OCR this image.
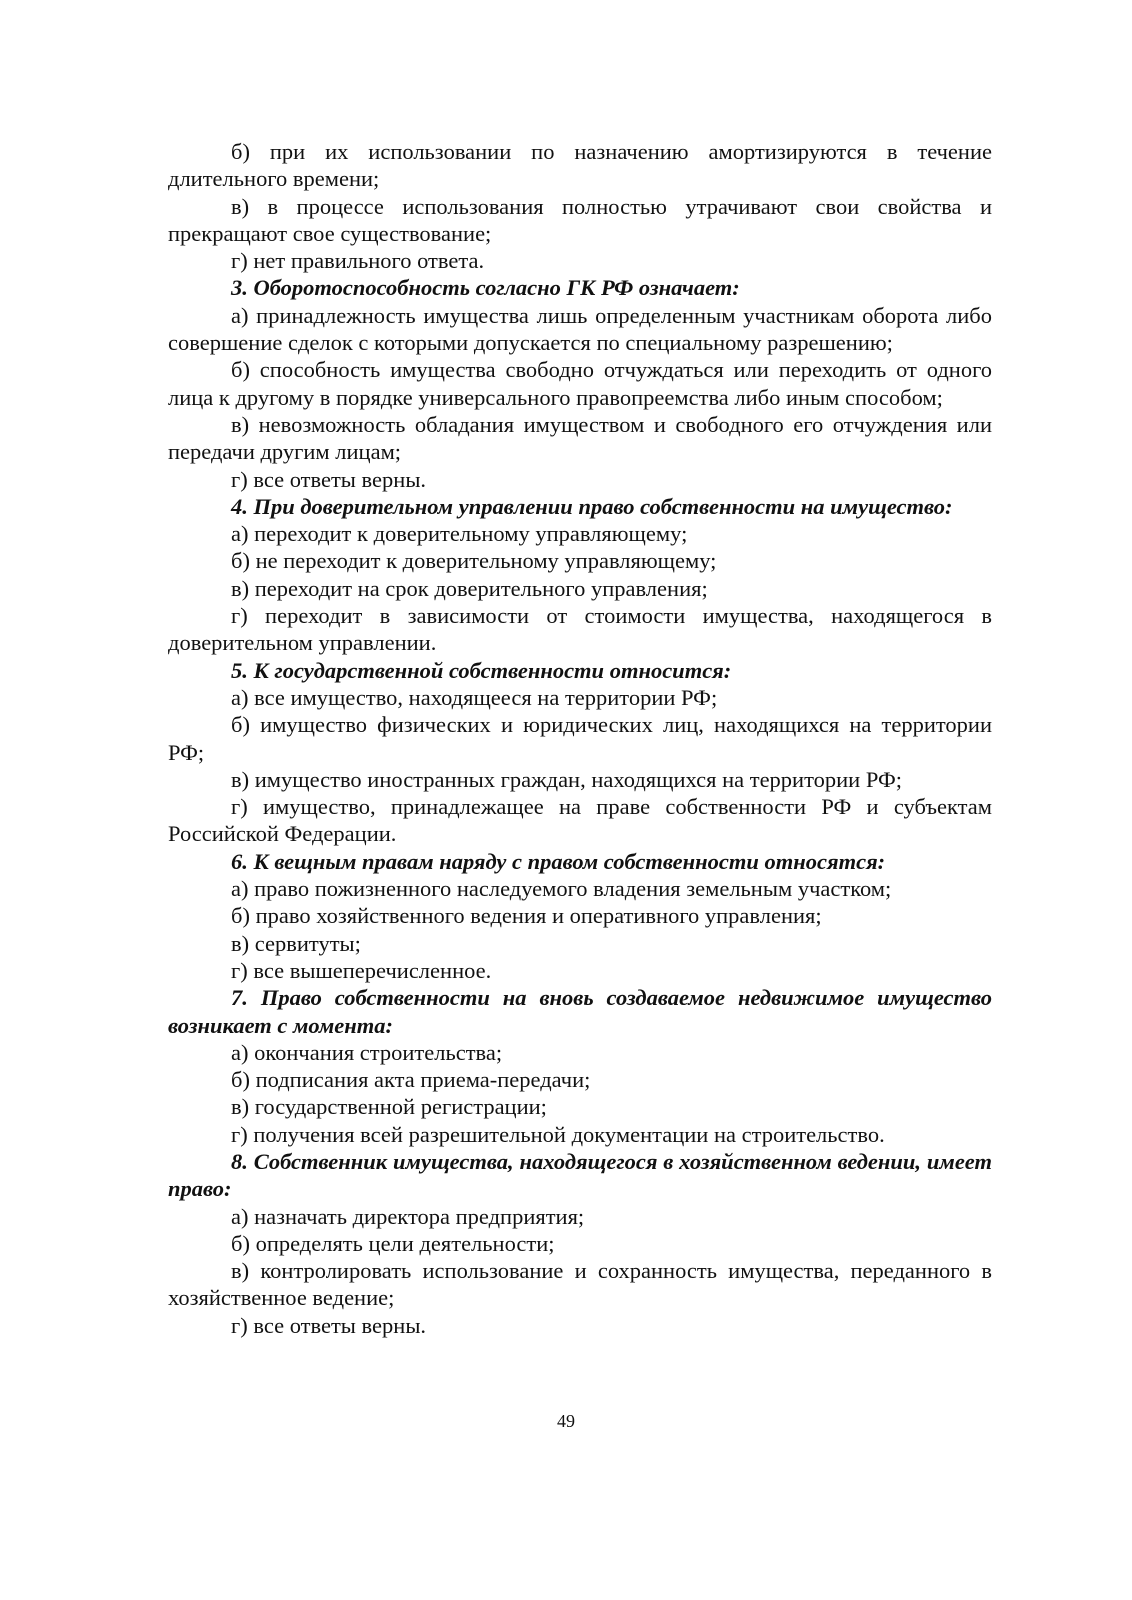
б) при их использовании по назначению амортизируются в течение длительного времени;

в) в процессе использования полностью утрачивают свои свойства и прекращают свое существование;

г) нет правильного ответа.

3. Оборотоспособность согласно ГК РФ означает:

а) принадлежность имущества лишь определенным участникам оборота либо совершение сделок с которыми допускается по специальному разрешению;

б) способность имущества свободно отчуждаться или переходить от одного лица к другому в порядке универсального правопреемства либо иным способом;

в) невозможность обладания имуществом и свободного его отчуждения или передачи другим лицам;

г) все ответы верны.

4. При доверительном управлении право собственности на имущество:

а) переходит к доверительному управляющему;

б) не переходит к доверительному управляющему;

в) переходит на срок доверительного управления;

г) переходит в зависимости от стоимости имущества, находящегося в доверительном управлении.

5. К государственной собственности относится:

а) все имущество, находящееся на территории РФ;

б) имущество физических и юридических лиц, находящихся на территории РФ;

в) имущество иностранных граждан, находящихся на территории РФ;

г) имущество, принадлежащее на праве собственности РФ и субъектам Российской Федерации.

6. К вещным правам наряду с правом собственности относятся:

а) право пожизненного наследуемого владения земельным участком;

б) право хозяйственного ведения и оперативного управления;

в) сервитуты;

г) все вышеперечисленное.

7. Право собственности на вновь создаваемое недвижимое имущество возникает с момента:

а) окончания строительства;

б) подписания акта приема-передачи;

в) государственной регистрации;

г) получения всей разрешительной документации на строительство.

8. Собственник имущества, находящегося в хозяйственном ведении, имеет право:

а) назначать директора предприятия;

б) определять цели деятельности;

в) контролировать использование и сохранность имущества, переданного в хозяйственное ведение;

г) все ответы верны.

49
